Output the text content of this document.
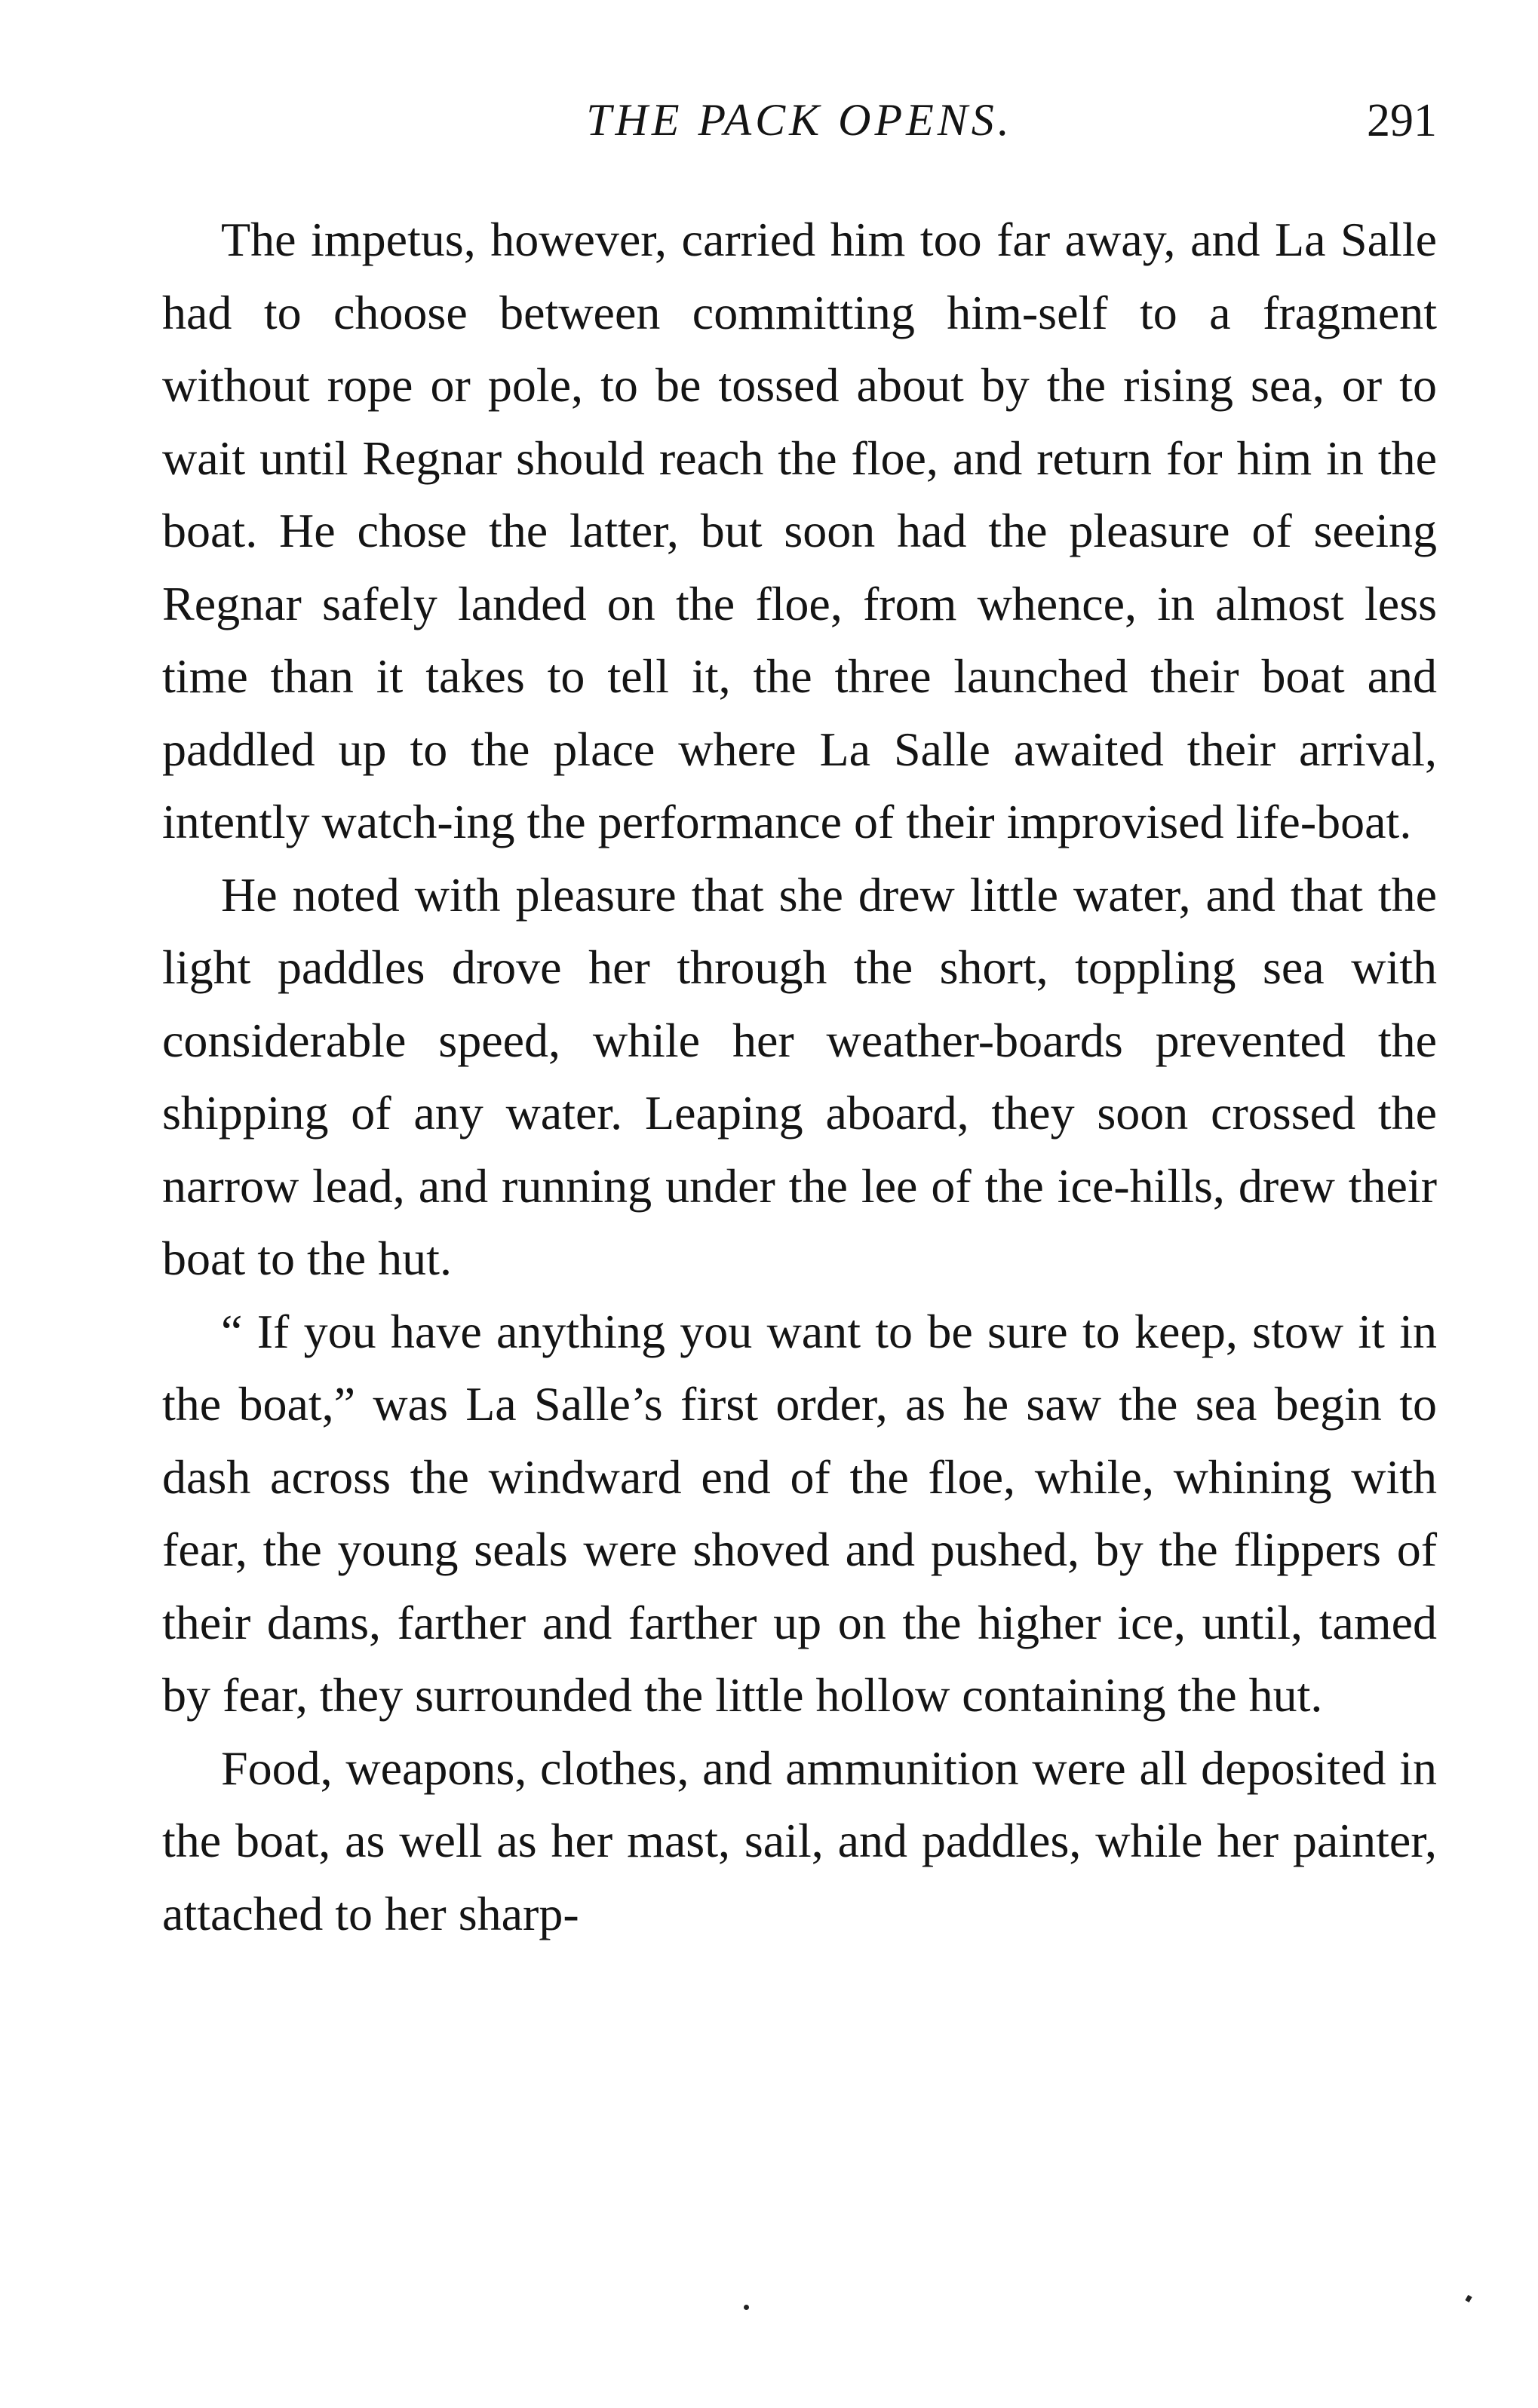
THE PACK OPENS.	291

The impetus, however, carried him too far away, and La Salle had to choose between committing him-self to a fragment without rope or pole, to be tossed about by the rising sea, or to wait until Regnar should reach the floe, and return for him in the boat. He chose the latter, but soon had the pleasure of seeing Regnar safely landed on the floe, from whence, in almost less time than it takes to tell it, the three launched their boat and paddled up to the place where La Salle awaited their arrival, intently watch-ing the performance of their improvised life-boat.

He noted with pleasure that she drew little water, and that the light paddles drove her through the short, toppling sea with considerable speed, while her weather-boards prevented the shipping of any water. Leaping aboard, they soon crossed the narrow lead, and running under the lee of the ice-hills, drew their boat to the hut.

“ If you have anything you want to be sure to keep, stow it in the boat,” was La Salle’s first order, as he saw the sea begin to dash across the windward end of the floe, while, whining with fear, the young seals were shoved and pushed, by the flippers of their dams, farther and farther up on the higher ice, until, tamed by fear, they surrounded the little hollow containing the hut.

Food, weapons, clothes, and ammunition were all deposited in the boat, as well as her mast, sail, and paddles, while her painter, attached to her sharp-
